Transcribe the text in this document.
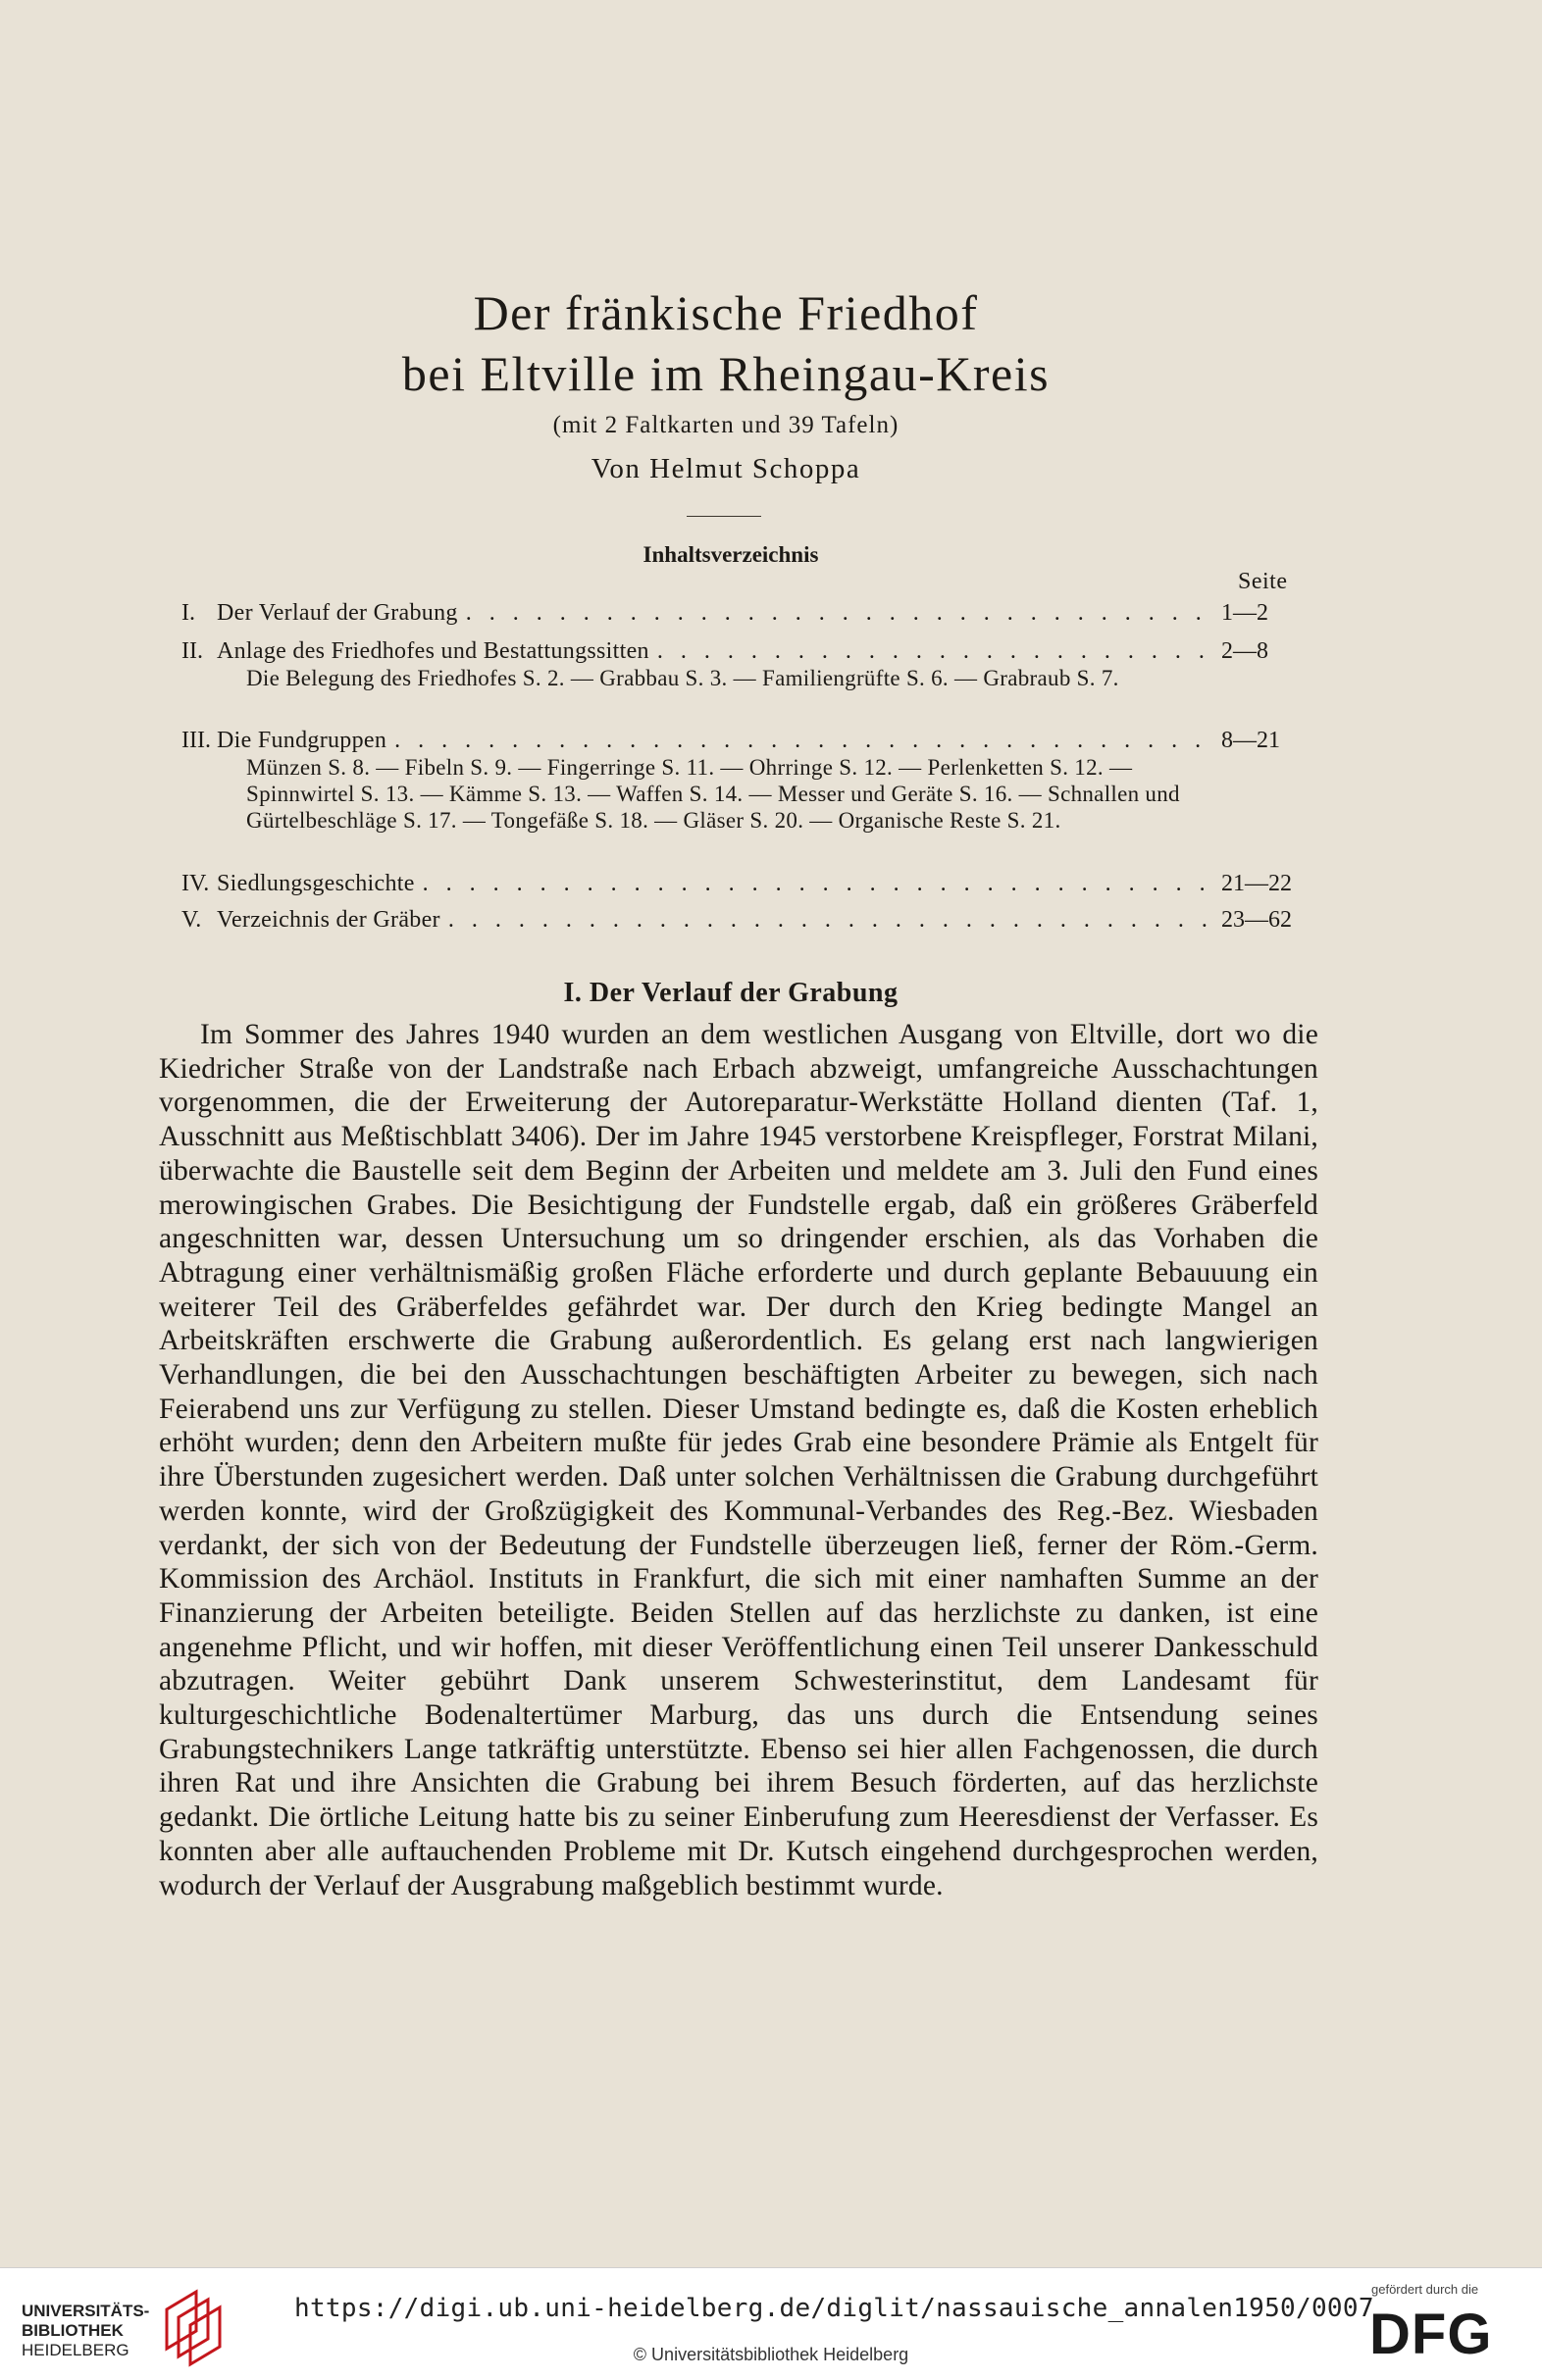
Der fränkische Friedhof
bei Eltville im Rheingau-Kreis
(mit 2 Faltkarten und 39 Tafeln)
Von Helmut Schoppa
Inhaltsverzeichnis
Seite
I. Der Verlauf der Grabung . . .	1—2
II. Anlage des Friedhofes und Bestattungssitten . . .	2—8
Die Belegung des Friedhofes S. 2. — Grabbau S. 3. — Familiengrüfte S. 6. — Grabraub S. 7.
III. Die Fundgruppen . . .	8—21
Münzen S. 8. — Fibeln S. 9. — Fingerringe S. 11. — Ohrringe S. 12. — Perlenketten S. 12. — Spinnwirtel S. 13. — Kämme S. 13. — Waffen S. 14. — Messer und Geräte S. 16. — Schnallen und Gürtelbeschläge S. 17. — Tongefäße S. 18. — Gläser S. 20. — Organische Reste S. 21.
IV. Siedlungsgeschichte . . .	21—22
V. Verzeichnis der Gräber . . .	23—62
I. Der Verlauf der Grabung
Im Sommer des Jahres 1940 wurden an dem westlichen Ausgang von Eltville, dort wo die Kiedricher Straße von der Landstraße nach Erbach abzweigt, umfangreiche Ausschachtungen vorgenommen, die der Erweiterung der Autoreparatur-Werkstätte Holland dienten (Taf. 1, Ausschnitt aus Meßtischblatt 3406). Der im Jahre 1945 verstorbene Kreispfleger, Forstrat Milani, überwachte die Baustelle seit dem Beginn der Arbeiten und meldete am 3. Juli den Fund eines merowingischen Grabes. Die Besichtigung der Fundstelle ergab, daß ein größeres Gräberfeld angeschnitten war, dessen Untersuchung um so dringender erschien, als das Vorhaben die Abtragung einer verhältnismäßig großen Fläche erforderte und durch geplante Bebauuung ein weiterer Teil des Gräberfeldes gefährdet war. Der durch den Krieg bedingte Mangel an Arbeitskräften erschwerte die Grabung außerordentlich. Es gelang erst nach langwierigen Verhandlungen, die bei den Ausschachtungen beschäftigten Arbeiter zu bewegen, sich nach Feierabend uns zur Verfügung zu stellen. Dieser Umstand bedingte es, daß die Kosten erheblich erhöht wurden; denn den Arbeitern mußte für jedes Grab eine besondere Prämie als Entgelt für ihre Überstunden zugesichert werden. Daß unter solchen Verhältnissen die Grabung durchgeführt werden konnte, wird der Großzügigkeit des Kommunal-Verbandes des Reg.-Bez. Wiesbaden verdankt, der sich von der Bedeutung der Fundstelle überzeugen ließ, ferner der Röm.-Germ. Kommission des Archäol. Instituts in Frankfurt, die sich mit einer namhaften Summe an der Finanzierung der Arbeiten beteiligte. Beiden Stellen auf das herzlichste zu danken, ist eine angenehme Pflicht, und wir hoffen, mit dieser Veröffentlichung einen Teil unserer Dankesschuld abzutragen. Weiter gebührt Dank unserem Schwesterinstitut, dem Landesamt für kulturgeschichtliche Bodenaltertümer Marburg, das uns durch die Entsendung seines Grabungstechnikers Lange tatkräftig unterstützte. Ebenso sei hier allen Fachgenossen, die durch ihren Rat und ihre Ansichten die Grabung bei ihrem Besuch förderten, auf das herzlichste gedankt. Die örtliche Leitung hatte bis zu seiner Einberufung zum Heeresdienst der Verfasser. Es konnten aber alle auftauchenden Probleme mit Dr. Kutsch eingehend durchgesprochen werden, wodurch der Verlauf der Ausgrabung maßgeblich bestimmt wurde.
UNIVERSITÄTS-
BIBLIOTHEK
HEIDELBERG
https://digi.ub.uni-heidelberg.de/diglit/nassauische_annalen1950/0007
© Universitätsbibliothek Heidelberg
gefördert durch die
DFG
